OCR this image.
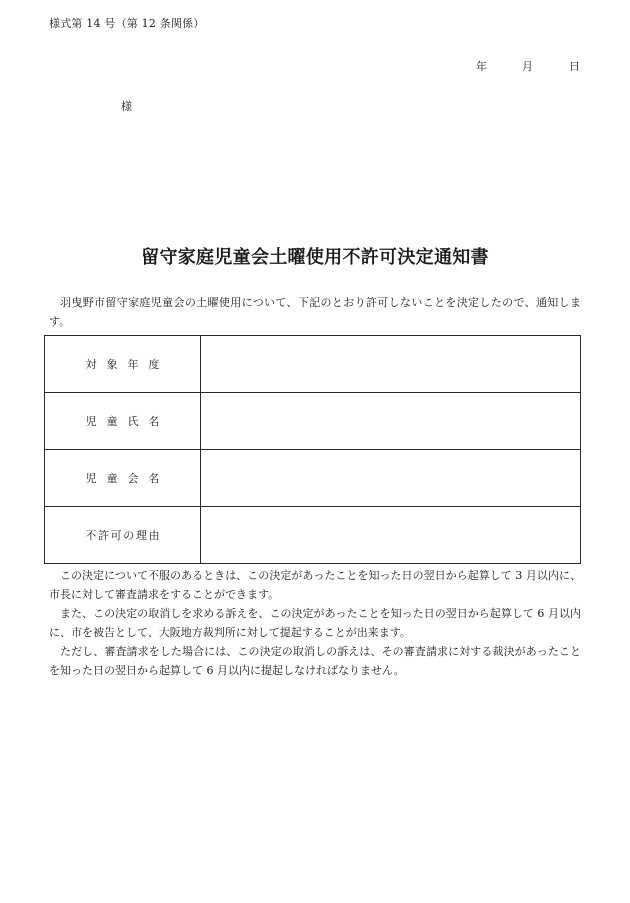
様式第 14 号（第 12 条関係）
年	月	日
様
留守家庭児童会土曜使用不許可決定通知書

羽曳野市留守家庭児童会の土曜使用について、下記のとおり許可しないことを決定したので、通知します。

対象年度	
児童氏名	
児童会名	
不許可の理由	

この決定について不服のあるときは、この決定があったことを知った日の翌日から起算して 3 月以内に、市長に対して審査請求をすることができます。

また、この決定の取消しを求める訴えを、この決定があったことを知った日の翌日から起算して 6 月以内に、市を被告として、大阪地方裁判所に対して提起することが出来ます。

ただし、審査請求をした場合には、この決定の取消しの訴えは、その審査請求に対する裁決があったことを知った日の翌日から起算して 6 月以内に提起しなければなりません。
